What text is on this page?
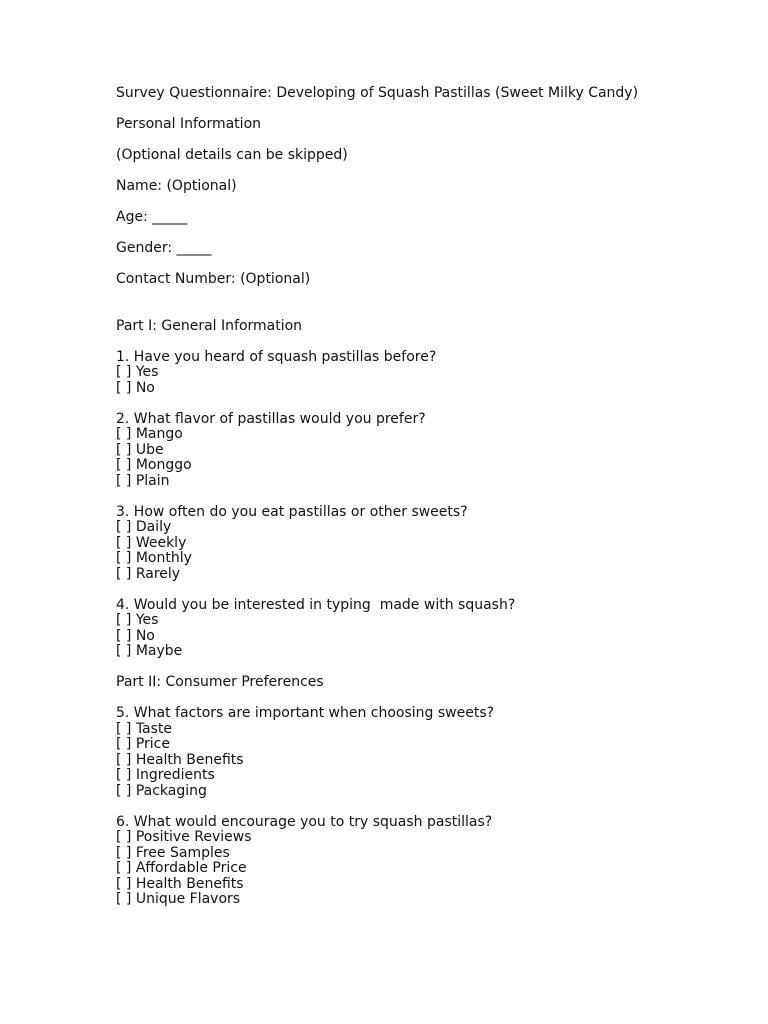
Survey Questionnaire: Developing of Squash Pastillas (Sweet Milky Candy)
Personal Information
(Optional details can be skipped)
Name: (Optional)
Age: _____
Gender: _____
Contact Number: (Optional)
Part I: General Information
1. Have you heard of squash pastillas before?
[ ] Yes
[ ] No
2. What flavor of pastillas would you prefer?
[ ] Mango
[ ] Ube
[ ] Monggo
[ ] Plain
3. How often do you eat pastillas or other sweets?
[ ] Daily
[ ] Weekly
[ ] Monthly
[ ] Rarely
4. Would you be interested in typing  made with squash?
[ ] Yes
[ ] No
[ ] Maybe
Part II: Consumer Preferences
5. What factors are important when choosing sweets?
[ ] Taste
[ ] Price
[ ] Health Benefits
[ ] Ingredients
[ ] Packaging
6. What would encourage you to try squash pastillas?
[ ] Positive Reviews
[ ] Free Samples
[ ] Affordable Price
[ ] Health Benefits
[ ] Unique Flavors
